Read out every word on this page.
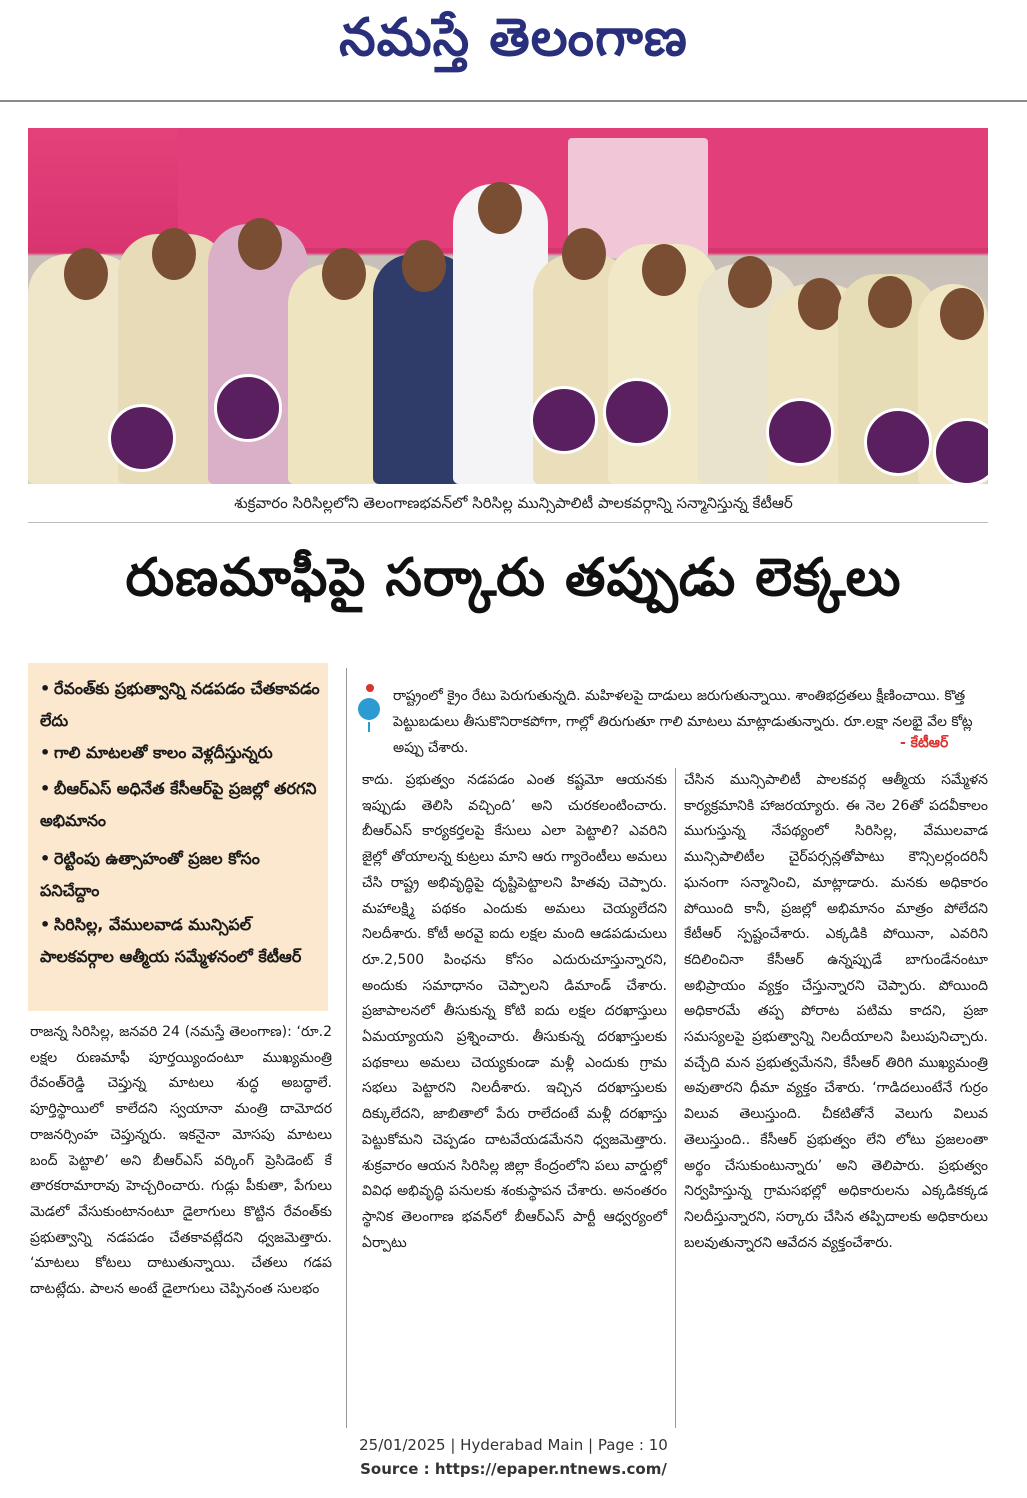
నమస్తే తెలంగాణ
శుక్రవారం సిరిసిల్లలోని తెలంగాణభవన్‌లో సిరిసిల్ల మున్సిపాలిటీ పాలకవర్గాన్ని సన్మానిస్తున్న కేటీఆర్
రుణమాఫీపై సర్కారు తప్పుడు లెక్కలు
• రేవంత్‌కు ప్రభుత్వాన్ని నడపడం చేతకావడం లేదు
• గాలి మాటలతో కాలం వెళ్లదీస్తున్నరు
• బీఆర్‌ఎస్‌ అధినేత కేసీఆర్‌పై ప్రజల్లో తరగని అభిమానం
• రెట్టింపు ఉత్సాహంతో ప్రజల కోసం పనిచేద్దాం
• సిరిసిల్ల, వేములవాడ మున్సిపల్‌ పాలకవర్గాల ఆత్మీయ సమ్మేళనంలో కేటీఆర్‌
రాష్ట్రంలో క్రైం రేటు పెరుగుతున్నది. మహిళలపై దాడులు జరుగుతున్నాయి. శాంతిభద్రతలు క్షీణించాయి. కొత్త పెట్టుబడులు తీసుకొనిరాకపోగా, గాల్లో తిరుగుతూ గాలి మాటలు మాట్లాడుతున్నారు. రూ.లక్షా నలభై వేల కోట్ల అప్పు చేశారు.	- కేటీఆర్‌

రాజన్న సిరిసిల్ల, జనవరి 24 (నమస్తే తెలంగాణ): ‘రూ.2 లక్షల రుణమాఫీ పూర్తయ్యిందంటూ ముఖ్యమంత్రి రేవంత్‌రెడ్డి చెప్తున్న మాటలు శుద్ధ అబద్ధాలే. పూర్తిస్థాయిలో కాలేదని స్వయానా మంత్రి దామోదర రాజనర్సింహ చెప్తున్నరు. ఇకనైనా మోసపు మాటలు బంద్‌ పెట్టాలి’ అని బీఆర్‌ఎస్‌ వర్కింగ్‌ ప్రెసిడెంట్‌ కే తారకరామారావు హెచ్చరించారు. గుడ్లు పీకుతా, పేగులు మెడలో వేసుకుంటానంటూ డైలాగులు కొట్టిన రేవంత్‌కు ప్రభుత్వాన్ని నడపడం చేతకావట్లేదని ధ్వజమెత్తారు. ‘మాటలు కోటలు దాటుతున్నాయి. చేతలు గడప దాటట్లేదు. పాలన అంటే డైలాగులు చెప్పినంత సులభం

కాదు. ప్రభుత్వం నడపడం ఎంత కష్టమో ఆయనకు ఇప్పుడు తెలిసి వచ్చింది’ అని చురకలంటించారు. బీఆర్‌ఎస్‌ కార్యకర్తలపై కేసులు ఎలా పెట్టాలి? ఎవరిని జైల్లో తోయాలన్న కుట్రలు మాని ఆరు గ్యారెంటీలు అమలు చేసి రాష్ట్ర అభివృద్ధిపై దృష్టిపెట్టాలని హితవు చెప్పారు. మహాలక్ష్మి పథకం ఎందుకు అమలు చెయ్యలేదని నిలదీశారు. కోటీ అరవై ఐదు లక్షల మంది ఆడపడుచులు రూ.2,500 పింఛను కోసం ఎదురుచూస్తున్నారని, అందుకు సమాధానం చెప్పాలని డిమాండ్‌ చేశారు. ప్రజాపాలనలో తీసుకున్న కోటి ఐదు లక్షల దరఖాస్తులు ఏమయ్యాయని ప్రశ్నించారు. తీసుకున్న దరఖాస్తులకు పథకాలు అమలు చెయ్యకుండా మళ్లీ ఎందుకు గ్రామ సభలు పెట్టారని నిలదీశారు. ఇచ్చిన దరఖాస్తులకు దిక్కులేదని, జాబితాలో పేరు రాలేదంటే మళ్లీ దరఖాస్తు పెట్టుకోమని చెప్పడం దాటవేయడమేనని ధ్వజమెత్తారు. శుక్రవారం ఆయన సిరిసిల్ల జిల్లా కేంద్రంలోని పలు వార్డుల్లో వివిధ అభివృద్ధి పనులకు శంకుస్థాపన చేశారు. అనంతరం స్థానిక తెలంగాణ భవన్‌లో బీఆర్‌ఎస్‌ పార్టీ ఆధ్వర్యంలో ఏర్పాటు

చేసిన మున్సిపాలిటీ పాలకవర్గ ఆత్మీయ సమ్మేళన కార్యక్రమానికి హాజరయ్యారు. ఈ నెల 26తో పదవీకాలం ముగుస్తున్న నేపథ్యంలో సిరిసిల్ల, వేములవాడ మున్సిపాలిటీల చైర్‌పర్సన్లతోపాటు కౌన్సిలర్లందరినీ ఘనంగా సన్మానించి, మాట్లాడారు. మనకు అధికారం పోయింది కానీ, ప్రజల్లో అభిమానం మాత్రం పోలేదని కేటీఆర్‌ స్పష్టంచేశారు. ఎక్కడికి పోయినా, ఎవరిని కదిలించినా కేసీఆర్‌ ఉన్నప్పుడే బాగుండేనంటూ అభిప్రాయం వ్యక్తం చేస్తున్నారని చెప్పారు. పోయింది అధికారమే తప్ప పోరాట పటిమ కాదని, ప్రజా సమస్యలపై ప్రభుత్వాన్ని నిలదీయాలని పిలుపునిచ్చారు. వచ్చేది మన ప్రభుత్వమేనని, కేసీఆర్‌ తిరిగి ముఖ్యమంత్రి అవుతారని ధీమా వ్యక్తం చేశారు. ‘గాడిదలుంటేనే గుర్రం విలువ తెలుస్తుంది. చీకటితోనే వెలుగు విలువ తెలుస్తుంది.. కేసీఆర్‌ ప్రభుత్వం లేని లోటు ప్రజలంతా అర్థం చేసుకుంటున్నారు’ అని తెలిపారు. ప్రభుత్వం నిర్వహిస్తున్న గ్రామసభల్లో అధికారులను ఎక్కడికక్కడ నిలదీస్తున్నారని, సర్కారు చేసిన తప్పిదాలకు అధికారులు బలవుతున్నారని ఆవేదన వ్యక్తంచేశారు.

25/01/2025 | Hyderabad Main | Page : 10
Source : https://epaper.ntnews.com/
